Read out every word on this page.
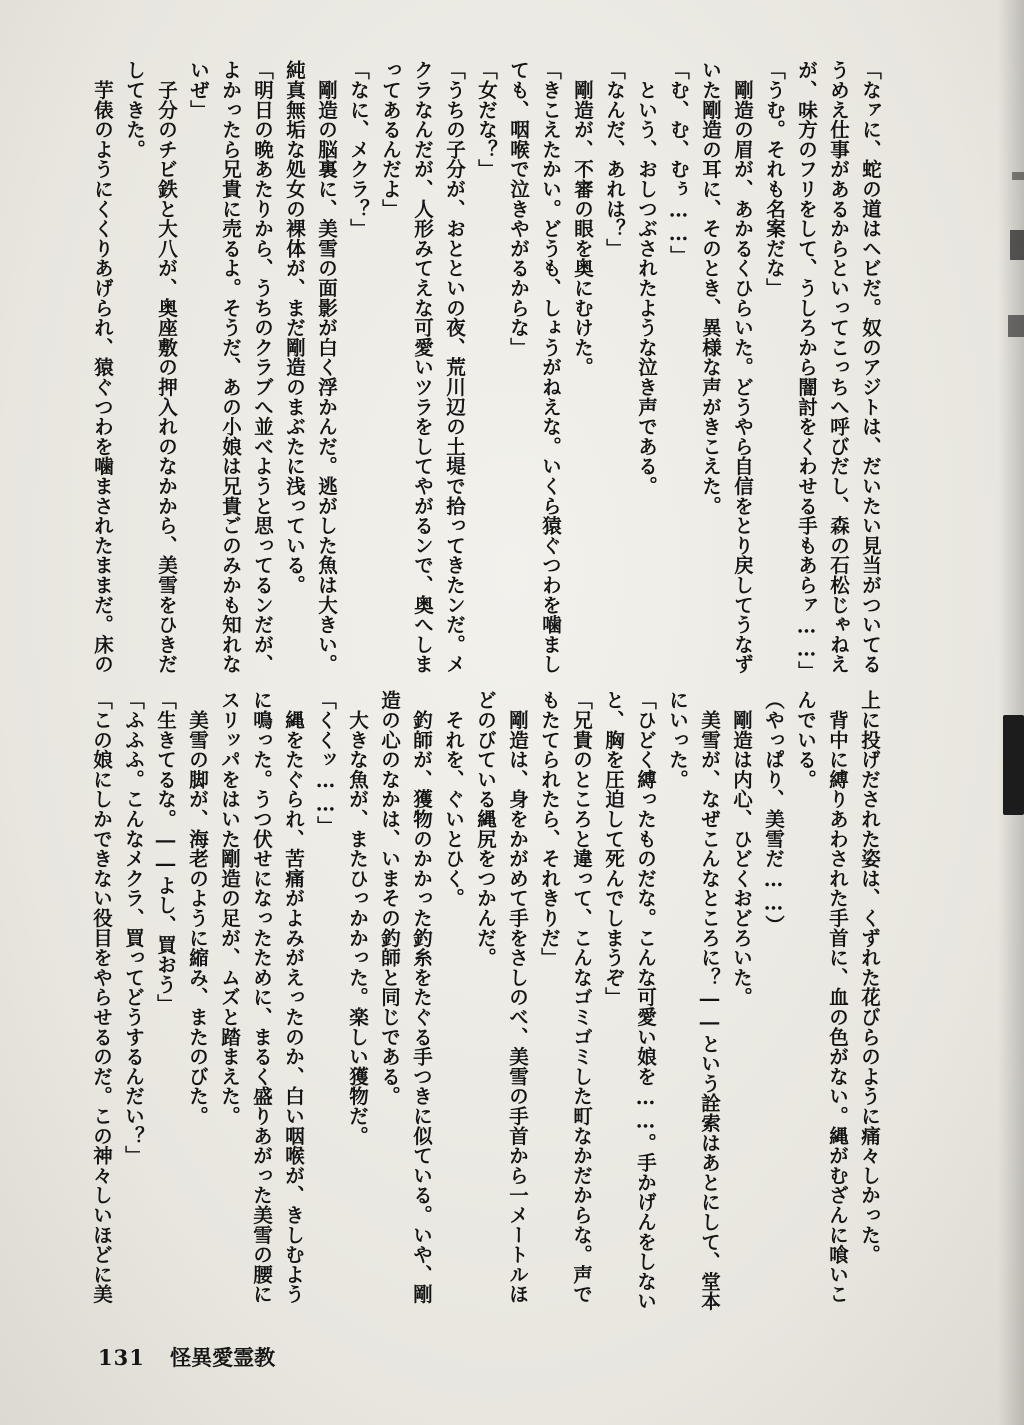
「なァに、蛇の道はヘビだ。奴のアジトは、だいたい見当がついてる

うめえ仕事があるからといってこっちへ呼びだし、森の石松じゃねえ

が、味方のフリをして、うしろから闇討をくわせる手もあらァ……」

「うむ。それも名案だな」

　剛造の眉が、あかるくひらいた。どうやら自信をとり戻してうなず

いた剛造の耳に、そのとき、異様な声がきこえた。

「む、む、むぅ……」

　という、おしつぶされたような泣き声である。

「なんだ、あれは？」

　剛造が、不審の眼を奥にむけた。

「きこえたかい。どうも、しょうがねえな。いくら猿ぐつわを噛まし

ても、咽喉で泣きやがるからな」

「女だな？」

「うちの子分が、おとといの夜、荒川辺の土堤で拾ってきたンだ。メ

クラなんだが、人形みてえな可愛いツラをしてやがるンで、奥へしま

ってあるんだよ」

「なに、メクラ？」

　剛造の脳裏に、美雪の面影が白く浮かんだ。逃がした魚は大きい。

純真無垢な処女の裸体が、まだ剛造のまぶたに浅っている。

「明日の晩あたりから、うちのクラブへ並べようと思ってるンだが、

よかったら兄貴に売るよ。そうだ、あの小娘は兄貴ごのみかも知れな

いぜ」

　子分のチビ鉄と大八が、奥座敷の押入れのなかから、美雪をひきだ

してきた。

　芋俵のようにくくりあげられ、猿ぐつわを噛まされたままだ。床の

上に投げだされた姿は、くずれた花びらのように痛々しかった。

　背中に縛りあわされた手首に、血の色がない。縄がむざんに喰いこ

んでいる。

（やっぱり、美雪だ……）

　剛造は内心、ひどくおどろいた。

　美雪が、なぜこんなところに？――という詮索はあとにして、堂本

にいった。

「ひどく縛ったものだな。こんな可愛い娘を……。手かげんをしない

と、胸を圧迫して死んでしまうぞ」

「兄貴のところと違って、こんなゴミゴミした町なかだからな。声で

もたてられたら、それきりだ」

　剛造は、身をかがめて手をさしのべ、美雪の手首から一メートルほ

どのびている縄尻をつかんだ。

　それを、ぐいとひく。

　釣師が、獲物のかかった釣糸をたぐる手つきに似ている。いや、剛

造の心のなかは、いまその釣師と同じである。

　大きな魚が、またひっかかった。楽しい獲物だ。

「くくッ……」

　縄をたぐられ、苦痛がよみがえったのか、白い咽喉が、きしむよう

に鳴った。うつ伏せになったために、まるく盛りあがった美雪の腰に

スリッパをはいた剛造の足が、ムズと踏まえた。

　美雪の脚が、海老のように縮み、またのびた。

「生きてるな。――よし、買おう」

「ふふふ。こんなメクラ、買ってどうするんだい？」

「この娘にしかできない役目をやらせるのだ。この神々しいほどに美

131 怪異愛霊教
